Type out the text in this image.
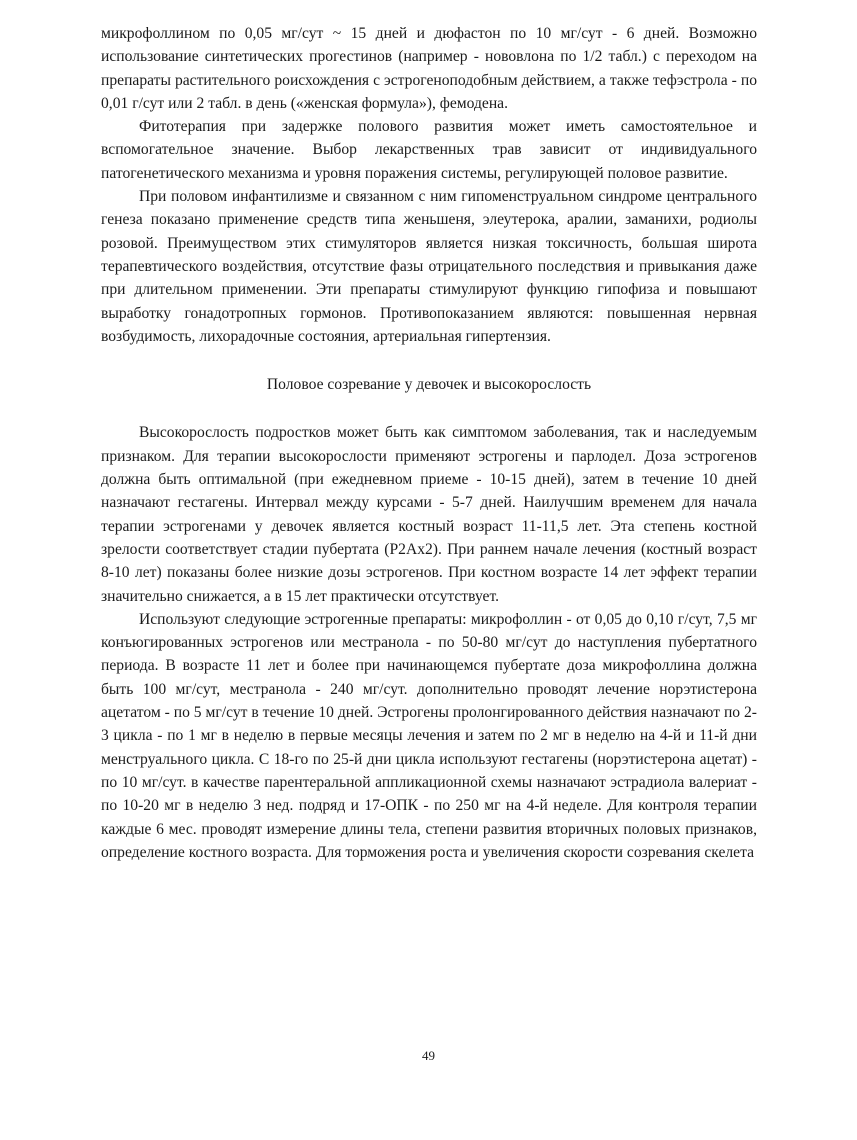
микрофоллином по 0,05 мг/сут ~ 15 дней и дюфастон по 10 мг/сут - 6 дней. Возможно использование синтетических прогестинов (например - нововлона по 1/2 табл.) с переходом на препараты растительного роисхождения с эстрогеноподобным действием, а также тефэстрола - по 0,01 г/сут или 2 табл. в день («женская формула»), фемодена.

Фитотерапия при задержке полового развития может иметь самостоятельное и вспомогательное значение. Выбор лекарственных трав зависит от индивидуального патогенетического механизма и уровня поражения системы, регулирующей половое развитие.

При половом инфантилизме и связанном с ним гипоменструальном синдроме центрального генеза показано применение средств типа женьшеня, элеутерока, аралии, заманихи, родиолы розовой. Преимуществом этих стимуляторов является низкая токсичность, большая широта терапевтического воздействия, отсутствие фазы отрицательного последствия и привыкания даже при длительном применении. Эти препараты стимулируют функцию гипофиза и повышают выработку гонадотропных гормонов. Противопоказанием являются: повышенная нервная возбудимость, лихорадочные состояния, артериальная гипертензия.

Половое созревание у девочек и высокорослость

Высокорослость подростков может быть как симптомом заболевания, так и наследуемым признаком. Для терапии высокорослости применяют эстрогены и парлодел. Доза эстрогенов должна быть оптимальной (при ежедневном приеме - 10-15 дней), затем в течение 10 дней назначают гестагены. Интервал между курсами - 5-7 дней. Наилучшим временем для начала терапии эстрогенами у девочек является костный возраст 11-11,5 лет. Эта степень костной зрелости соответствует стадии пубертата (P2Ax2). При раннем начале лечения (костный возраст 8-10 лет) показаны более низкие дозы эстрогенов. При костном возрасте 14 лет эффект терапии значительно снижается, а в 15 лет практически отсутствует.

Используют следующие эстрогенные препараты: микрофоллин - от 0,05 до 0,10 г/сут, 7,5 мг конъюгированных эстрогенов или местранола - по 50-80 мг/сут до наступления пубертатного периода. В возрасте 11 лет и более при начинающемся пубертате доза микрофоллина должна быть 100 мг/сут, местранола - 240 мг/сут. дополнительно проводят лечение норэтистерона ацетатом - по 5 мг/сут в течение 10 дней. Эстрогены пролонгированного действия назначают по 2-3 цикла - по 1 мг в неделю в первые месяцы лечения и затем по 2 мг в неделю на 4-й и 11-й дни менструального цикла. С 18-го по 25-й дни цикла используют гестагены (норэтистерона ацетат) - по 10 мг/сут. в качестве парентеральной аппликационной схемы назначают эстрадиола валериат - по 10-20 мг в неделю 3 нед. подряд и 17-ОПК - по 250 мг на 4-й неделе. Для контроля терапии каждые 6 мес. проводят измерение длины тела, степени развития вторичных половых признаков, определение костного возраста. Для торможения роста и увеличения скорости созревания скелета

49
